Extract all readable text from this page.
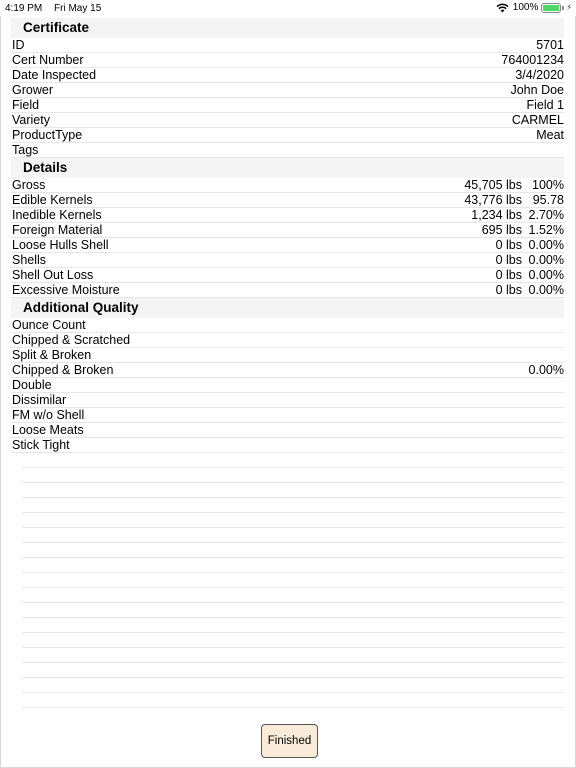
4:19 PM Fri May 15	100%	⚡
Certificate
ID	5701
Cert Number	764001234
Date Inspected	3/4/2020
Grower	John Doe
Field	Field 1
Variety	CARMEL
ProductType	Meat
Tags
Details
Gross	45,705 lbs 100%
Edible Kernels	43,776 lbs 95.78
Inedible Kernels	1,234 lbs 2.70%
Foreign Material	695 lbs 1.52%
Loose Hulls Shell	0 lbs 0.00%
Shells	0 lbs 0.00%
Shell Out Loss	0 lbs 0.00%
Excessive Moisture	0 lbs 0.00%
Additional Quality
Ounce Count
Chipped & Scratched
Split & Broken
Chipped & Broken	0.00%
Double
Dissimilar
FM w/o Shell
Loose Meats
Stick Tight
Finished
